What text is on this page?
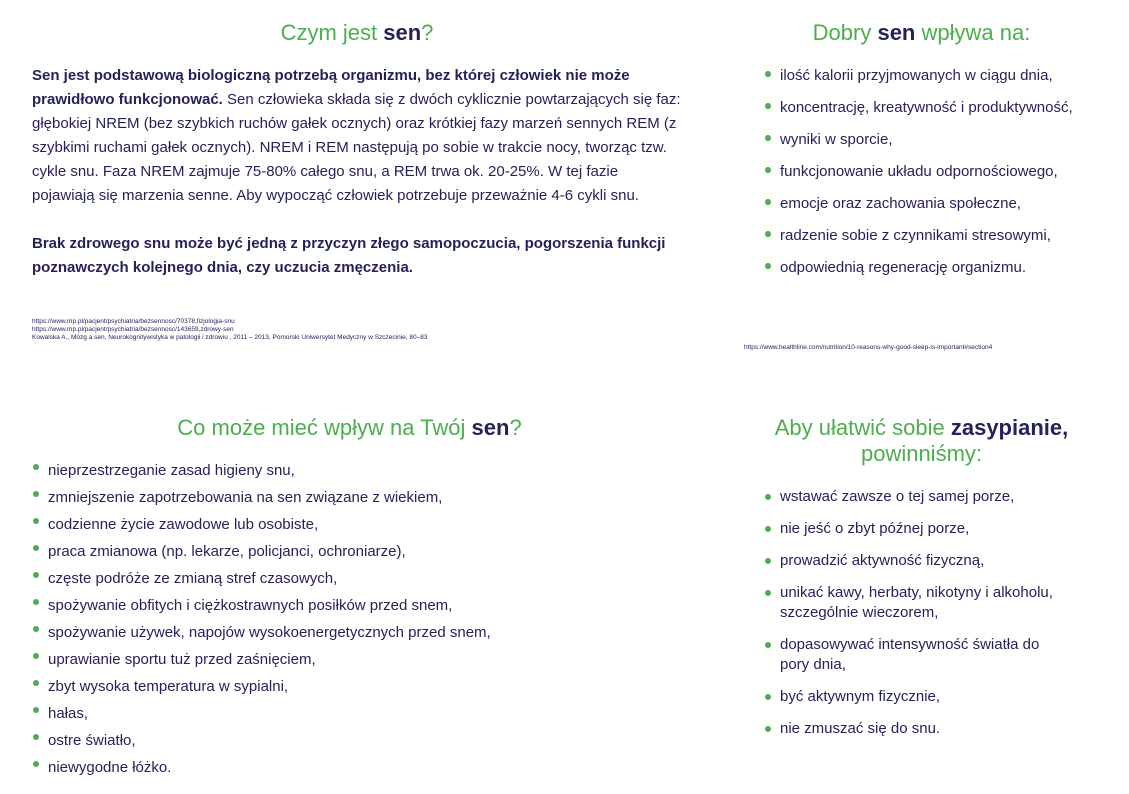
Czym jest sen?

Sen jest podstawową biologiczną potrzebą organizmu, bez której człowiek nie może prawidłowo funkcjonować. Sen człowieka składa się z dwóch cyklicznie powtarzających się faz: głębokiej NREM (bez szybkich ruchów gałek ocznych) oraz krótkiej fazy marzeń sennych REM (z szybkimi ruchami gałek ocznych). NREM i REM następują po sobie w trakcie nocy, tworząc tzw. cykle snu. Faza NREM zajmuje 75-80% całego snu, a REM trwa ok. 20-25%. W tej fazie pojawiają się marzenia senne. Aby wypocząć człowiek potrzebuje przeważnie 4-6 cykli snu.

Brak zdrowego snu może być jedną z przyczyn złego samopoczucia, pogorszenia funkcji poznawczych kolejnego dnia, czy uczucia zmęczenia.

https://www.mp.pl/pacjent/psychiatria/bezsennosc/70378,fizjologia-snu
https://www.mp.pl/pacjent/psychiatria/bezsennosc/143659,zdrowy-sen
Kowalska A., Mózg a sen, Neurokognitywistyka w patologii i zdrowiu , 2011 – 2013, Pomorski Uniwersytet Medyczny w Szczecinie, 80–83
Dobry sen wpływa na:
ilość kalorii przyjmowanych w ciągu dnia,
koncentrację, kreatywność i produktywność,
wyniki w sporcie,
funkcjonowanie układu odpornościowego,
emocje oraz zachowania społeczne,
radzenie sobie z czynnikami stresowymi,
odpowiednią regenerację organizmu.
https://www.healthline.com/nutrition/10-reasons-why-good-sleep-is-important#section4
Co może mieć wpływ na Twój sen?
nieprzestrzeganie zasad higieny snu,
zmniejszenie zapotrzebowania na sen związane z wiekiem,
codzienne życie zawodowe lub osobiste,
praca zmianowa (np. lekarze, policjanci, ochroniarze),
częste podróże ze zmianą stref czasowych,
spożywanie obfitych i ciężkostrawnych posiłków przed snem,
spożywanie używek, napojów wysokoenergetycznych przed snem,
uprawianie sportu tuż przed zaśnięciem,
zbyt wysoka temperatura w sypialni,
hałas,
ostre światło,
niewygodne łóżko.
Aby ułatwić sobie zasypianie,
powinniśmy:
wstawać zawsze o tej samej porze,
nie jeść o zbyt późnej porze,
prowadzić aktywność fizyczną,
unikać kawy, herbaty, nikotyny i alkoholu, szczególnie wieczorem,
dopasowywać intensywność światła do pory dnia,
być aktywnym fizycznie,
nie zmuszać się do snu.
